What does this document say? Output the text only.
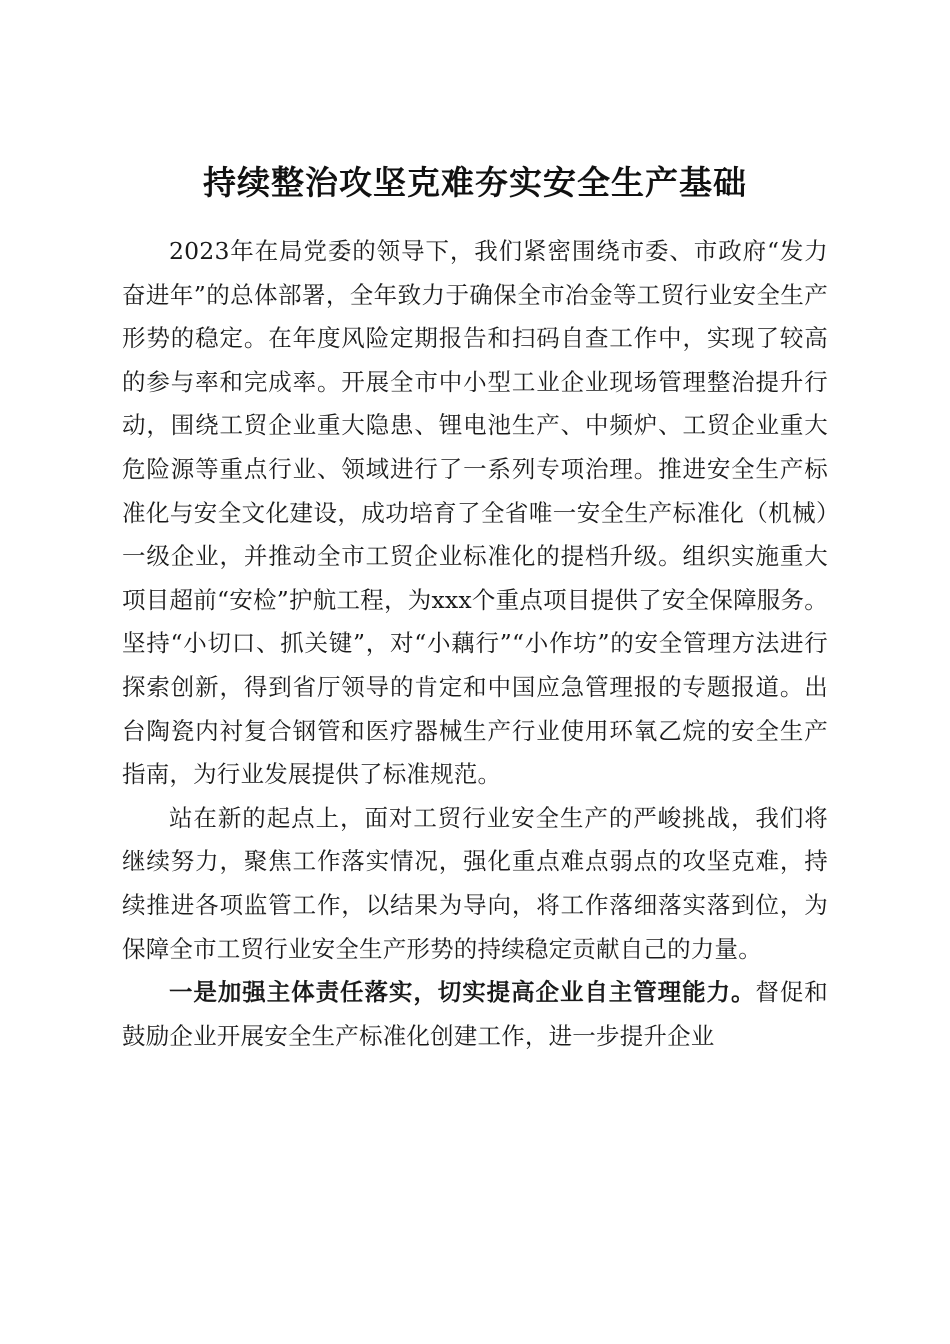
持续整治攻坚克难夯实安全生产基础

2023年在局党委的领导下，我们紧密围绕市委、市政府“发力奋进年”的总体部署，全年致力于确保全市冶金等工贸行业安全生产形势的稳定。在年度风险定期报告和扫码自查工作中，实现了较高的参与率和完成率。开展全市中小型工业企业现场管理整治提升行动，围绕工贸企业重大隐患、锂电池生产、中频炉、工贸企业重大危险源等重点行业、领域进行了一系列专项治理。推进安全生产标准化与安全文化建设，成功培育了全省唯一安全生产标准化（机械）一级企业，并推动全市工贸企业标准化的提档升级。组织实施重大项目超前“安检”护航工程，为xxx个重点项目提供了安全保障服务。坚持“小切口、抓关键”，对“小藕行”“小作坊”的安全管理方法进行探索创新，得到省厅领导的肯定和中国应急管理报的专题报道。出台陶瓷内衬复合钢管和医疗器械生产行业使用环氧乙烷的安全生产指南，为行业发展提供了标准规范。

站在新的起点上，面对工贸行业安全生产的严峻挑战，我们将继续努力，聚焦工作落实情况，强化重点难点弱点的攻坚克难，持续推进各项监管工作，以结果为导向，将工作落细落实落到位，为保障全市工贸行业安全生产形势的持续稳定贡献自己的力量。

一是加强主体责任落实，切实提高企业自主管理能力。督促和鼓励企业开展安全生产标准化创建工作，进一步提升企业
